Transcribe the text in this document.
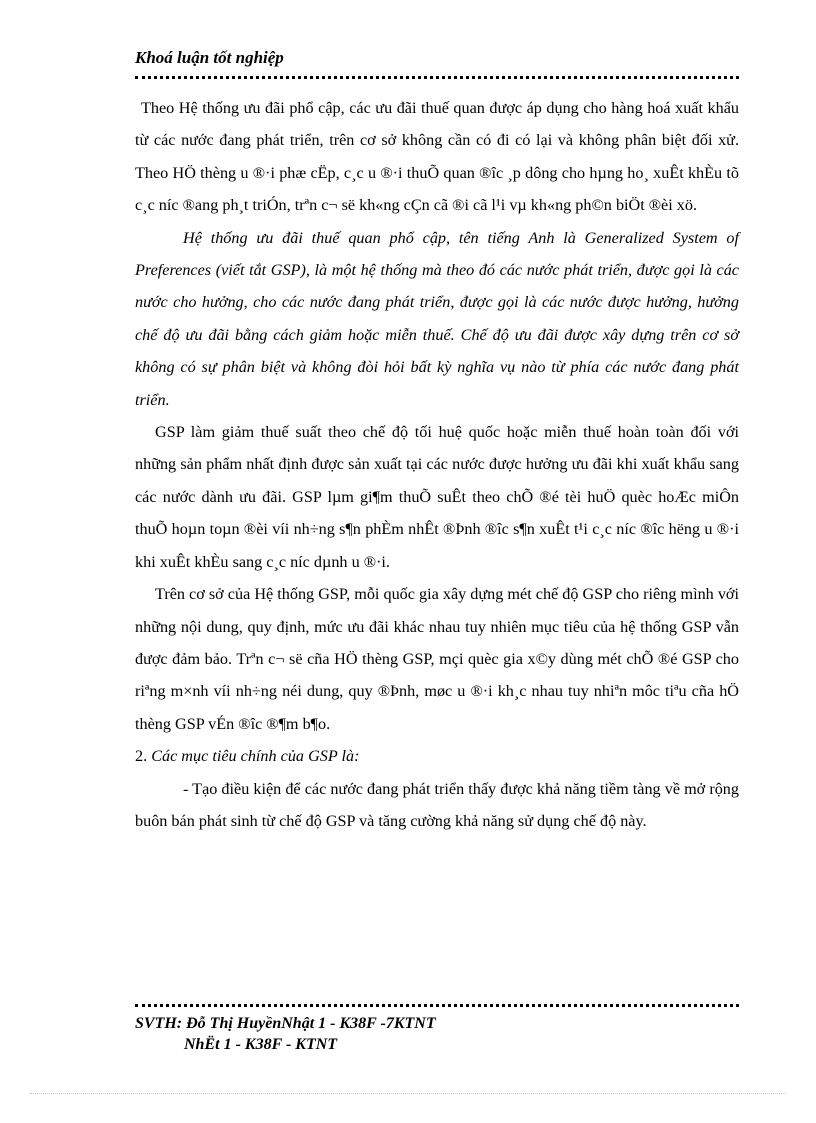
Khoá luận tốt nghiệp

Theo Hệ thống ưu đãi phổ cập, các ưu đãi thuế quan được áp dụng cho hàng hoá xuất khẩu từ các nước đang phát triển, trên cơ sở không cần có đi có lại và không phân biệt đối xử. Theo HÖ thèng u ®·i phæ cËp, c¸c u ®·i thuÕ quan ®îc ¸p dông cho hµng ho¸ xuÊt khÈu tõ c¸c níc ®ang ph¸t triÓn, trªn c¬ së kh«ng cÇn cã ®i cã l¹i vµ kh«ng ph©n biÖt ®èi xö.

Hệ thống ưu đãi thuế quan phổ cập, tên tiếng Anh là Generalized System of Preferences (viết tắt GSP), là một hệ thống mà theo đó các nước phát triển, được gọi là các nước cho hưởng, cho các nước đang phát triển, được gọi là các nước được hưởng, hưởng chế độ ưu đãi bằng cách giảm hoặc miễn thuế. Chế độ ưu đãi được xây dựng trên cơ sở không có sự phân biệt và không đòi hỏi bất kỳ nghĩa vụ nào từ phía các nước đang phát triển.

GSP làm giảm thuế suất theo chế độ tối huệ quốc hoặc miễn thuế hoàn toàn đối với những sản phẩm nhất định được sản xuất tại các nước được hưởng ưu đãi khi xuất khẩu sang các nước dành ưu đãi. GSP lµm gi¶m thuÕ suÊt theo chÕ ®é tèi huÖ quèc hoÆc miÔn thuÕ hoµn toµn ®èi víi nh÷ng s¶n phÈm nhÊt ®Þnh ®îc s¶n xuÊt t¹i c¸c níc ®îc hëng u ®·i khi xuÊt khÈu sang c¸c níc dµnh u ®·i.

Trên cơ sở của Hệ thống GSP, mỗi quốc gia xây dựng mét chế độ GSP cho riêng mình với những nội dung, quy định, mức ưu đãi khác nhau tuy nhiên mục tiêu của hệ thống GSP vẫn được đảm bảo. Trªn c¬ së cña HÖ thèng GSP, mçi quèc gia x©y dùng mét chÕ ®é GSP cho riªng m×nh víi nh÷ng néi dung, quy ®Þnh, møc u ®·i kh¸c nhau tuy nhiªn môc tiªu cña hÖ thèng GSP vÉn ®îc ®¶m b¶o.

2. Các mục tiêu chính của GSP là:

- Tạo điều kiện để các nước đang phát triển thấy được khả năng tiềm tàng về mở rộng buôn bán phát sinh từ chế độ GSP và tăng cường khả năng sử dụng chế độ này.

SVTH: Đỗ Thị HuyềnNhật 1 - K38F -7KTNT
NhËt 1 - K38F - KTNT
